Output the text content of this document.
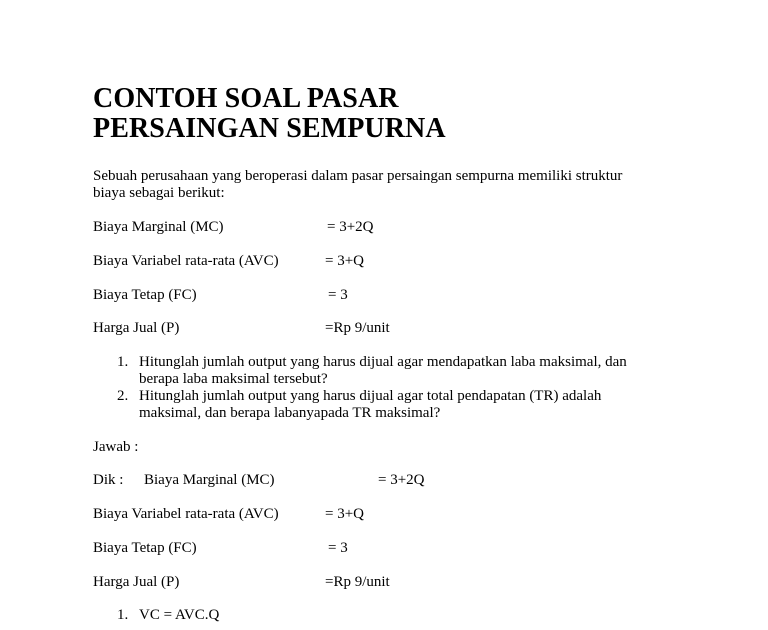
CONTOH SOAL PASAR
PERSAINGAN SEMPURNA
Sebuah perusahaan yang beroperasi dalam pasar persaingan sempurna memiliki struktur
biaya sebagai berikut:
Biaya Marginal (MC)	= 3+2Q
Biaya Variabel rata-rata (AVC)	= 3+Q
Biaya Tetap (FC)	= 3
Harga Jual (P)	=Rp 9/unit
1. Hitunglah jumlah output yang harus dijual agar mendapatkan laba maksimal, dan
berapa laba maksimal tersebut?
2. Hitunglah jumlah output yang harus dijual agar total pendapatan (TR) adalah
maksimal, dan berapa labanyapada TR maksimal?
Jawab :
Dik : Biaya Marginal (MC)	= 3+2Q
Biaya Variabel rata-rata (AVC)	= 3+Q
Biaya Tetap (FC)	= 3
Harga Jual (P)	=Rp 9/unit
1. VC = AVC.Q
